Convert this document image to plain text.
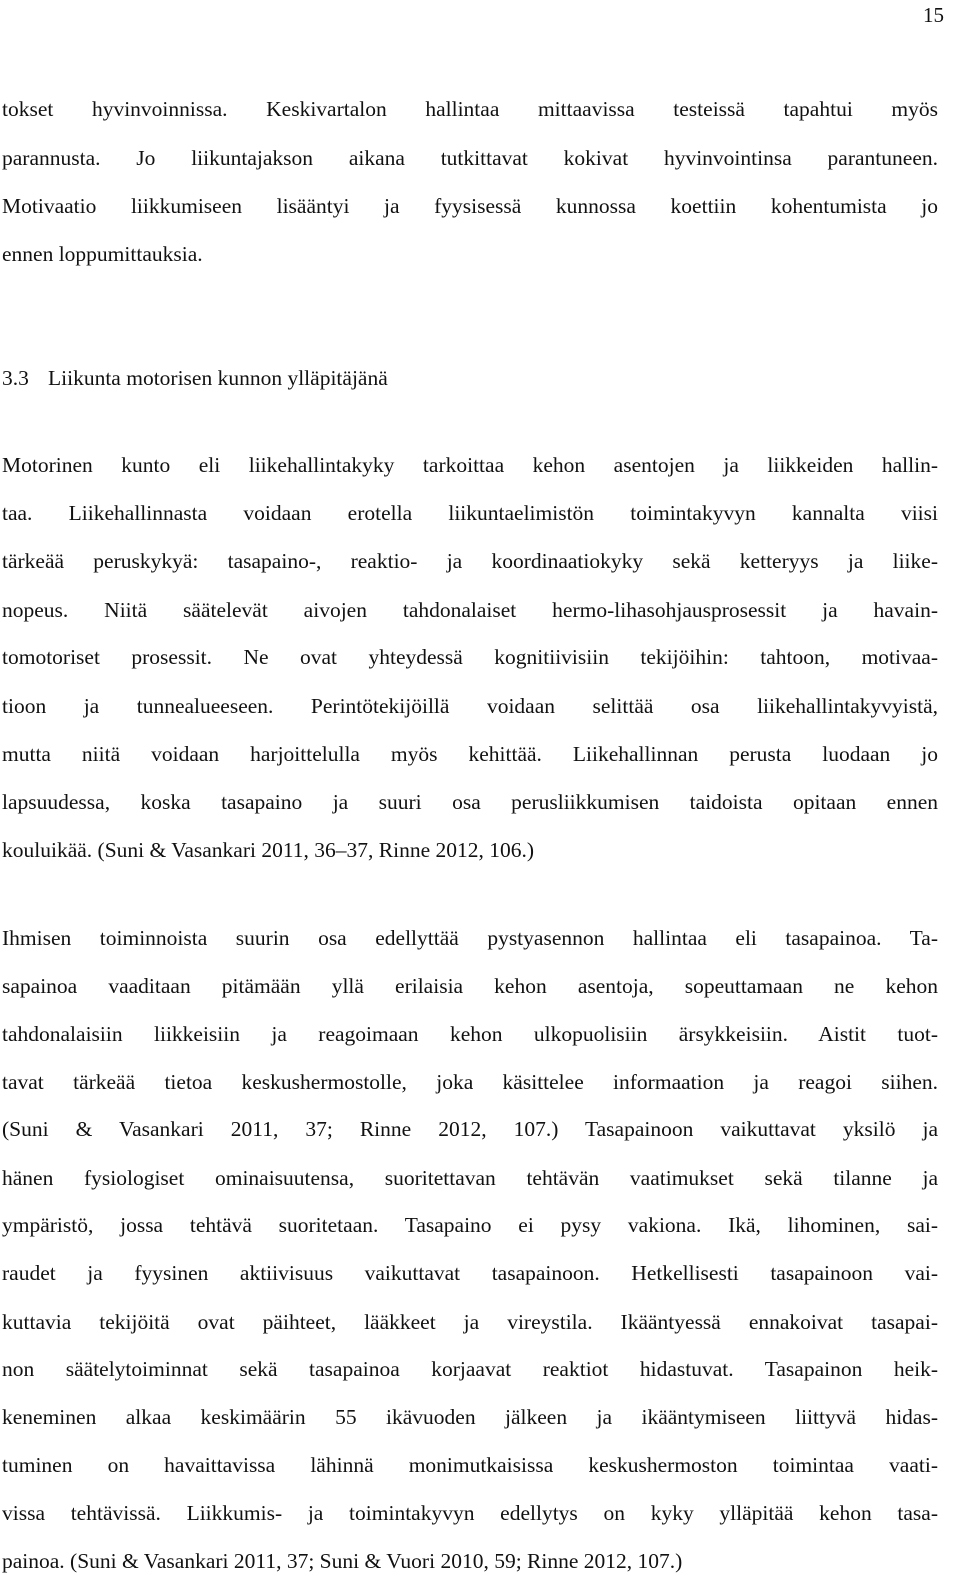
15
tokset hyvinvoinnissa. Keskivartalon hallintaa mittaavissa testeissä tapahtui myös
parannusta. Jo liikuntajakson aikana tutkittavat kokivat hyvinvointinsa parantuneen.
Motivaatio liikkumiseen lisääntyi ja fyysisessä kunnossa koettiin kohentumista jo
ennen loppumittauksia.
3.3 Liikunta motorisen kunnon ylläpitäjänä
Motorinen kunto eli liikehallintakyky tarkoittaa kehon asentojen ja liikkeiden hallin-
taa. Liikehallinnasta voidaan erotella liikuntaelimistön toimintakyvyn kannalta viisi
tärkeää peruskykyä: tasapaino-, reaktio- ja koordinaatiokyky sekä ketteryys ja liike-
nopeus. Niitä säätelevät aivojen tahdonalaiset hermo-lihasohjausprosessit ja havain-
tomotoriset prosessit. Ne ovat yhteydessä kognitiivisiin tekijöihin: tahtoon, motivaa-
tioon ja tunnealueeseen. Perintötekijöillä voidaan selittää osa liikehallintakyvyistä,
mutta niitä voidaan harjoittelulla myös kehittää. Liikehallinnan perusta luodaan jo
lapsuudessa, koska tasapaino ja suuri osa perusliikkumisen taidoista opitaan ennen
kouluikää. (Suni & Vasankari 2011, 36–37, Rinne 2012, 106.)
Ihmisen toiminnoista suurin osa edellyttää pystyasennon hallintaa eli tasapainoa. Ta-
sapainoa vaaditaan pitämään yllä erilaisia kehon asentoja, sopeuttamaan ne kehon
tahdonalaisiin liikkeisiin ja reagoimaan kehon ulkopuolisiin ärsykkeisiin. Aistit tuot-
tavat tärkeää tietoa keskushermostolle, joka käsittelee informaation ja reagoi siihen.
(Suni & Vasankari 2011, 37; Rinne 2012, 107.) Tasapainoon vaikuttavat yksilö ja
hänen fysiologiset ominaisuutensa, suoritettavan tehtävän vaatimukset sekä tilanne ja
ympäristö, jossa tehtävä suoritetaan. Tasapaino ei pysy vakiona. Ikä, lihominen, sai-
raudet ja fyysinen aktiivisuus vaikuttavat tasapainoon. Hetkellisesti tasapainoon vai-
kuttavia tekijöitä ovat päihteet, lääkkeet ja vireystila. Ikääntyessä ennakoivat tasapai-
non säätelytoiminnat sekä tasapainoa korjaavat reaktiot hidastuvat. Tasapainon heik-
keneminen alkaa keskimäärin 55 ikävuoden jälkeen ja ikääntymiseen liittyvä hidas-
tuminen on havaittavissa lähinnä monimutkaisissa keskushermoston toimintaa vaati-
vissa tehtävissä. Liikkumis- ja toimintakyvyn edellytys on kyky ylläpitää kehon tasa-
painoa. (Suni & Vasankari 2011, 37; Suni & Vuori 2010, 59; Rinne 2012, 107.)
